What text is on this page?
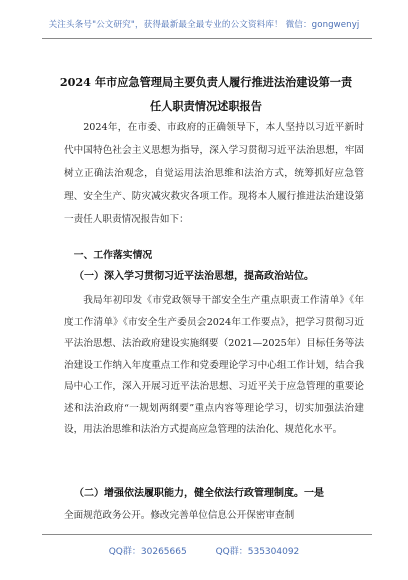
关注头条号"公文研究"，获得最新最全最专业的公文资料库！ 微信：gongwenyj
2024 年市应急管理局主要负责人履行推进法治建设第一责
任人职责情况述职报告
2024年，在市委、市政府的正确领导下，本人坚持以习近平新时代中国特色社会主义思想为指导，深入学习贯彻习近平法治思想，牢固树立正确法治观念，自觉运用法治思维和法治方式，统筹抓好应急管理、安全生产、防灾减灾救灾各项工作。现将本人履行推进法治建设第一责任人职责情况报告如下：
一、工作落实情况
（一）深入学习贯彻习近平法治思想，提高政治站位。
我局年初印发《市党政领导干部安全生产重点职责工作清单》《年度工作清单》《市安全生产委员会2024年工作要点》，把学习贯彻习近平法治思想、法治政府建设实施纲要（2021—2025年）目标任务等法治建设工作纳入年度重点工作和党委理论学习中心组工作计划，结合我局中心工作，深入开展习近平法治思想、习近平关于应急管理的重要论述和法治政府“一规划两纲要”重点内容等理论学习，切实加强法治建设，用法治思维和法治方式提高应急管理的法治化、规范化水平。
（二）增强依法履职能力，健全依法行政管理制度。一是
全面规范政务公开。修改完善单位信息公开保密审查制
QQ群：30265665	QQ群：535304092
